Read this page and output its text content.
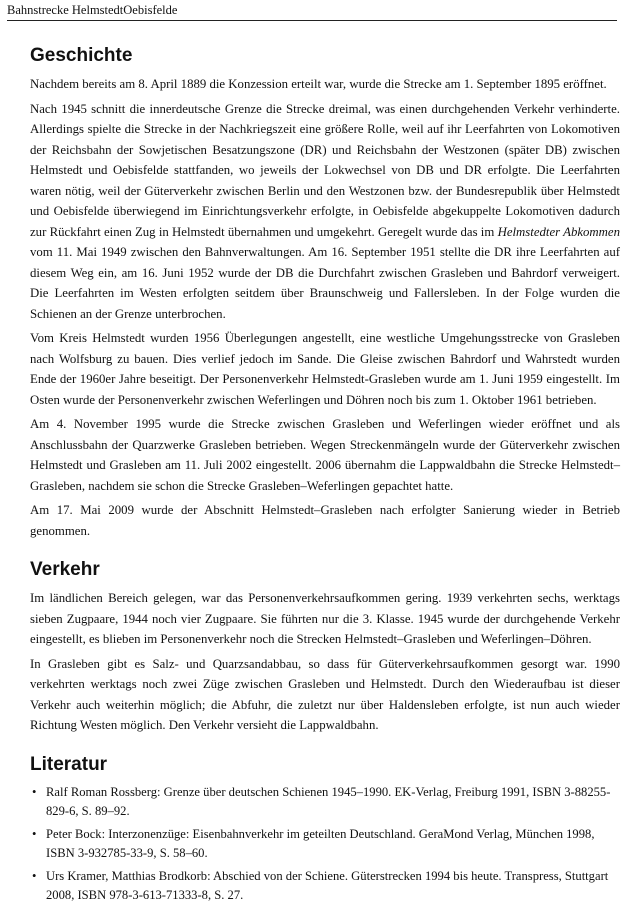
Bahnstrecke HelmstedtOebisfelde
Geschichte

Nachdem bereits am 8. April 1889 die Konzession erteilt war, wurde die Strecke am 1. September 1895 eröffnet.

Nach 1945 schnitt die innerdeutsche Grenze die Strecke dreimal, was einen durchgehenden Verkehr verhinderte. Allerdings spielte die Strecke in der Nachkriegszeit eine größere Rolle, weil auf ihr Leerfahrten von Lokomotiven der Reichsbahn der Sowjetischen Besatzungszone (DR) und Reichsbahn der Westzonen (später DB) zwischen Helmstedt und Oebisfelde stattfanden, wo jeweils der Lokwechsel von DB und DR erfolgte. Die Leerfahrten waren nötig, weil der Güterverkehr zwischen Berlin und den Westzonen bzw. der Bundesrepublik über Helmstedt und Oebisfelde überwiegend im Einrichtungsverkehr erfolgte, in Oebisfelde abgekuppelte Lokomotiven dadurch zur Rückfahrt einen Zug in Helmstedt übernahmen und umgekehrt. Geregelt wurde das im Helmstedter Abkommen vom 11. Mai 1949 zwischen den Bahnverwaltungen. Am 16. September 1951 stellte die DR ihre Leerfahrten auf diesem Weg ein, am 16. Juni 1952 wurde der DB die Durchfahrt zwischen Grasleben und Bahrdorf verweigert. Die Leerfahrten im Westen erfolgten seitdem über Braunschweig und Fallersleben. In der Folge wurden die Schienen an der Grenze unterbrochen.

Vom Kreis Helmstedt wurden 1956 Überlegungen angestellt, eine westliche Umgehungsstrecke von Grasleben nach Wolfsburg zu bauen. Dies verlief jedoch im Sande. Die Gleise zwischen Bahrdorf und Wahrstedt wurden Ende der 1960er Jahre beseitigt. Der Personenverkehr Helmstedt-Grasleben wurde am 1. Juni 1959 eingestellt. Im Osten wurde der Personenverkehr zwischen Weferlingen und Döhren noch bis zum 1. Oktober 1961 betrieben.

Am 4. November 1995 wurde die Strecke zwischen Grasleben und Weferlingen wieder eröffnet und als Anschlussbahn der Quarzwerke Grasleben betrieben. Wegen Streckenmängeln wurde der Güterverkehr zwischen Helmstedt und Grasleben am 11. Juli 2002 eingestellt. 2006 übernahm die Lappwaldbahn die Strecke Helmstedt–Grasleben, nachdem sie schon die Strecke Grasleben–Weferlingen gepachtet hatte.

Am 17. Mai 2009 wurde der Abschnitt Helmstedt–Grasleben nach erfolgter Sanierung wieder in Betrieb genommen.

Verkehr

Im ländlichen Bereich gelegen, war das Personenverkehrsaufkommen gering. 1939 verkehrten sechs, werktags sieben Zugpaare, 1944 noch vier Zugpaare. Sie führten nur die 3. Klasse. 1945 wurde der durchgehende Verkehr eingestellt, es blieben im Personenverkehr noch die Strecken Helmstedt–Grasleben und Weferlingen–Döhren.

In Grasleben gibt es Salz- und Quarzsandabbau, so dass für Güterverkehrsaufkommen gesorgt war. 1990 verkehrten werktags noch zwei Züge zwischen Grasleben und Helmstedt. Durch den Wiederaufbau ist dieser Verkehr auch weiterhin möglich; die Abfuhr, die zuletzt nur über Haldensleben erfolgte, ist nun auch wieder Richtung Westen möglich. Den Verkehr versieht die Lappwaldbahn.

Literatur
• Ralf Roman Rossberg: Grenze über deutschen Schienen 1945–1990. EK-Verlag, Freiburg 1991, ISBN 3-88255-829-6, S. 89–92.
• Peter Bock: Interzonenzüge: Eisenbahnverkehr im geteilten Deutschland. GeraMond Verlag, München 1998, ISBN 3-932785-33-9, S. 58–60.
• Urs Kramer, Matthias Brodkorb: Abschied von der Schiene. Güterstrecken 1994 bis heute. Transpress, Stuttgart 2008, ISBN 978-3-613-71333-8, S. 27.
